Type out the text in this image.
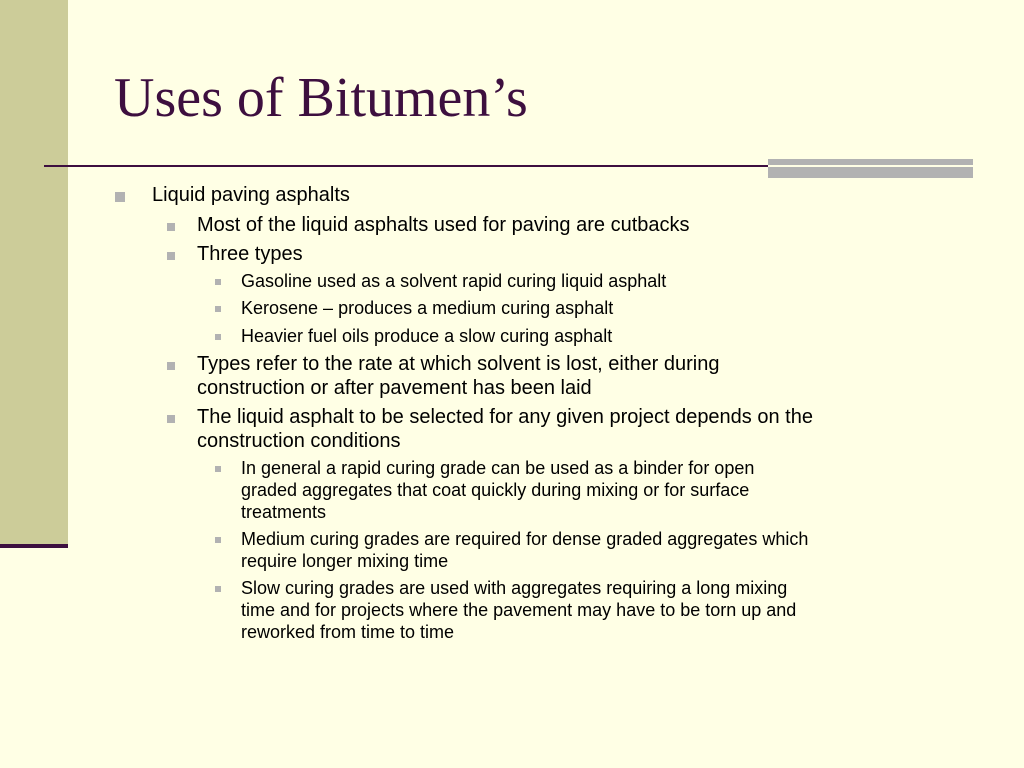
Uses of Bitumen’s
Liquid paving asphalts
Most of the liquid asphalts used for paving are cutbacks
Three types
Gasoline used as a solvent rapid curing liquid asphalt
Kerosene – produces a medium curing asphalt
Heavier fuel oils produce a slow curing asphalt
Types refer to the rate at which solvent is lost, either during
construction or after pavement has been laid
The liquid asphalt to be selected for any given project depends on the
construction conditions
In general a rapid curing grade can be used as a binder for open
graded aggregates that coat quickly during mixing or for surface
treatments
Medium curing grades are required for dense graded aggregates which
require longer mixing time
Slow curing grades are used with aggregates requiring a long mixing
time and for projects where the pavement may have to be torn up and
reworked from time to time
